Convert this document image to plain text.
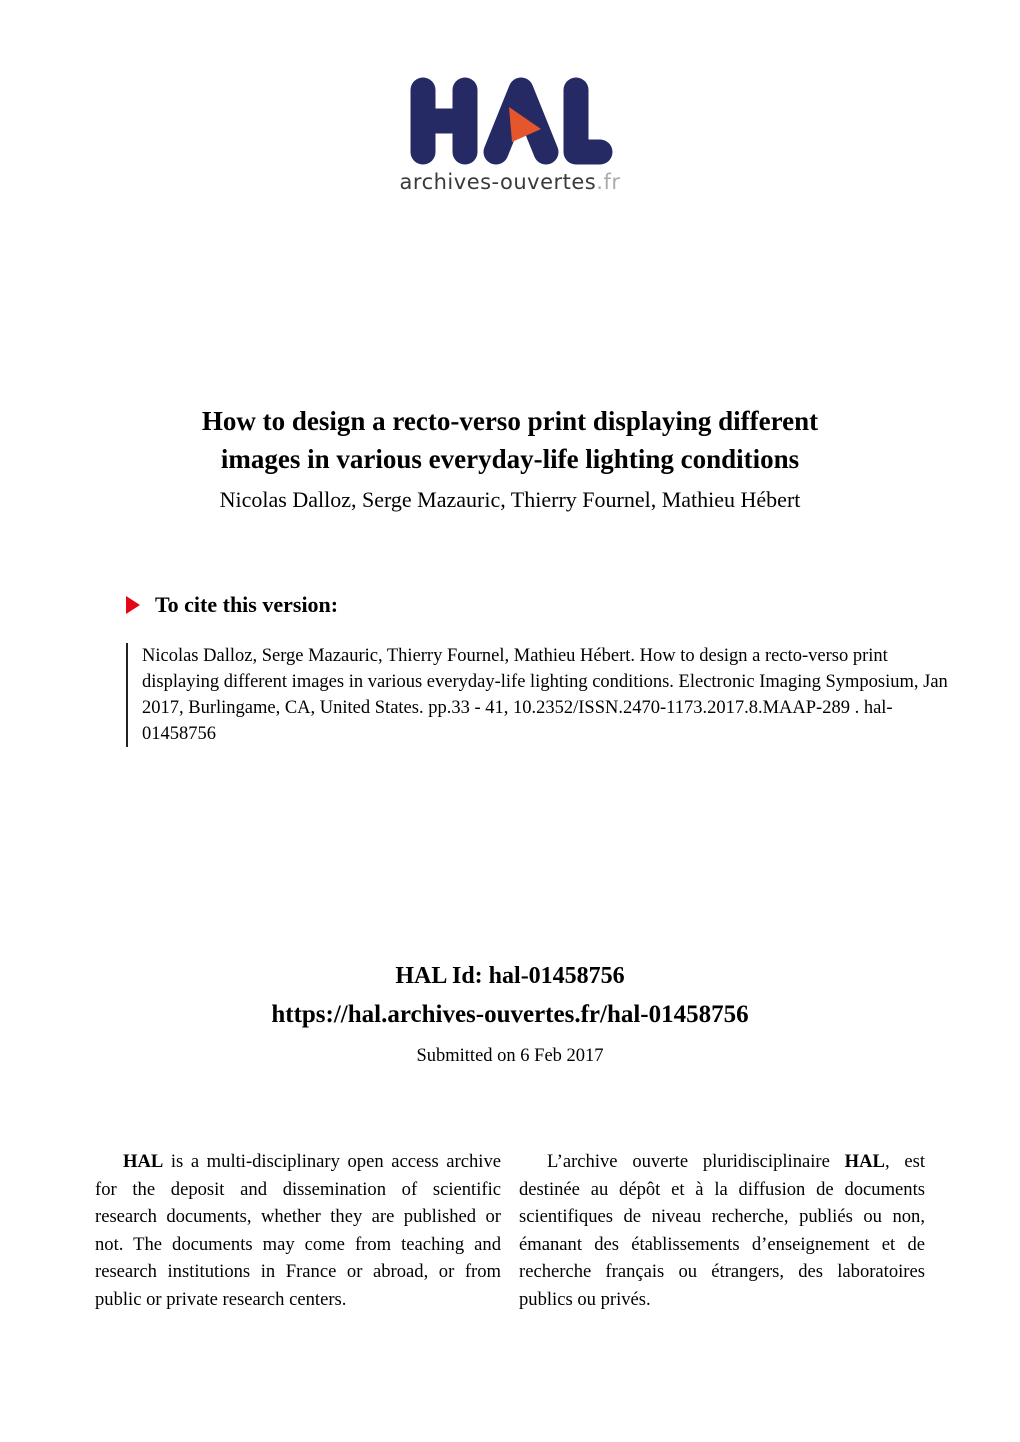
archives-ouvertes.fr
How to design a recto-verso print displaying different
images in various everyday-life lighting conditions
Nicolas Dalloz, Serge Mazauric, Thierry Fournel, Mathieu Hébert
To cite this version:
Nicolas Dalloz, Serge Mazauric, Thierry Fournel, Mathieu Hébert. How to design a recto-verso print displaying different images in various everyday-life lighting conditions. Electronic Imaging Symposium, Jan 2017, Burlingame, CA, United States. pp.33 - 41, 10.2352/ISSN.2470-1173.2017.8.MAAP-289 . hal-01458756
HAL Id: hal-01458756
https://hal.archives-ouvertes.fr/hal-01458756
Submitted on 6 Feb 2017

HAL is a multi-disciplinary open access archive for the deposit and dissemination of scientific research documents, whether they are published or not. The documents may come from teaching and research institutions in France or abroad, or from public or private research centers.

L’archive ouverte pluridisciplinaire HAL, est destinée au dépôt et à la diffusion de documents scientifiques de niveau recherche, publiés ou non, émanant des établissements d’enseignement et de recherche français ou étrangers, des laboratoires publics ou privés.
